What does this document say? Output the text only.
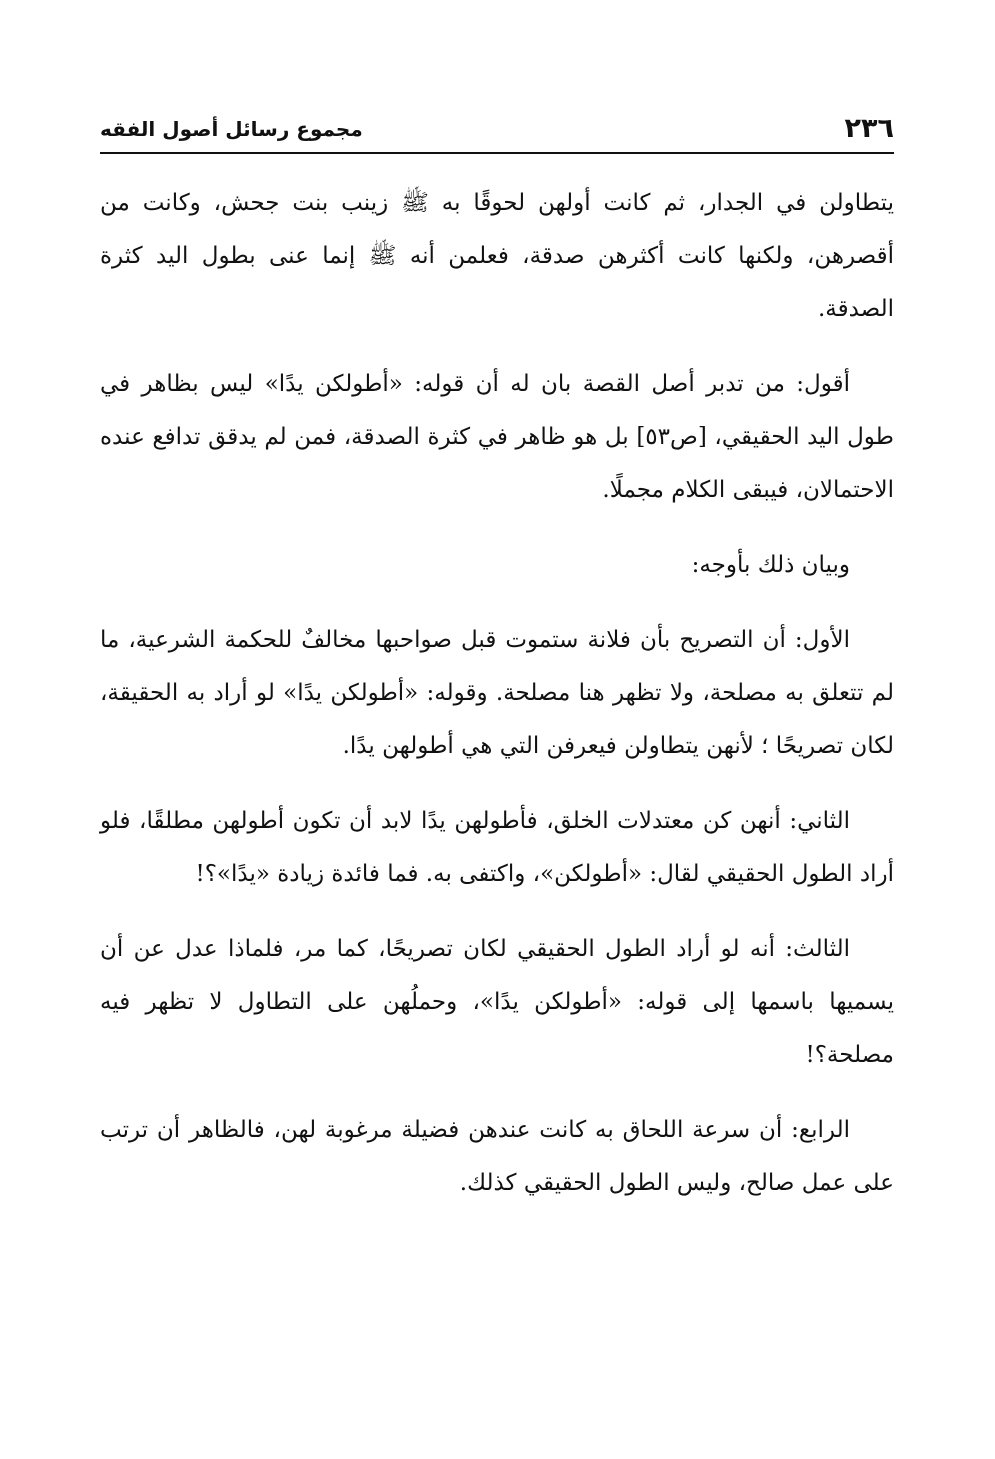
٢٣٦
مجموع رسائل أصول الفقه

يتطاولن في الجدار، ثم كانت أولهن لحوقًا به ﷺ زينب بنت جحش، وكانت من أقصرهن، ولكنها كانت أكثرهن صدقة، فعلمن أنه ﷺ إنما عنى بطول اليد كثرة الصدقة.

أقول: من تدبر أصل القصة بان له أن قوله: «أطولكن يدًا» ليس بظاهر في طول اليد الحقيقي، [ص٥٣] بل هو ظاهر في كثرة الصدقة، فمن لم يدقق تدافع عنده الاحتمالان، فيبقى الكلام مجملًا.

وبيان ذلك بأوجه:

الأول: أن التصريح بأن فلانة ستموت قبل صواحبها مخالفٌ للحكمة الشرعية، ما لم تتعلق به مصلحة، ولا تظهر هنا مصلحة. وقوله: «أطولكن يدًا» لو أراد به الحقيقة، لكان تصريحًا ؛ لأنهن يتطاولن فيعرفن التي هي أطولهن يدًا.

الثاني: أنهن كن معتدلات الخلق، فأطولهن يدًا لابد أن تكون أطولهن مطلقًا، فلو أراد الطول الحقيقي لقال: «أطولكن»، واكتفى به. فما فائدة زيادة «يدًا»؟!

الثالث: أنه لو أراد الطول الحقيقي لكان تصريحًا، كما مر، فلماذا عدل عن أن يسميها باسمها إلى قوله: «أطولكن يدًا»، وحملُهن على التطاول لا تظهر فيه مصلحة؟!

الرابع: أن سرعة اللحاق به كانت عندهن فضيلة مرغوبة لهن، فالظاهر أن ترتب على عمل صالح، وليس الطول الحقيقي كذلك.
